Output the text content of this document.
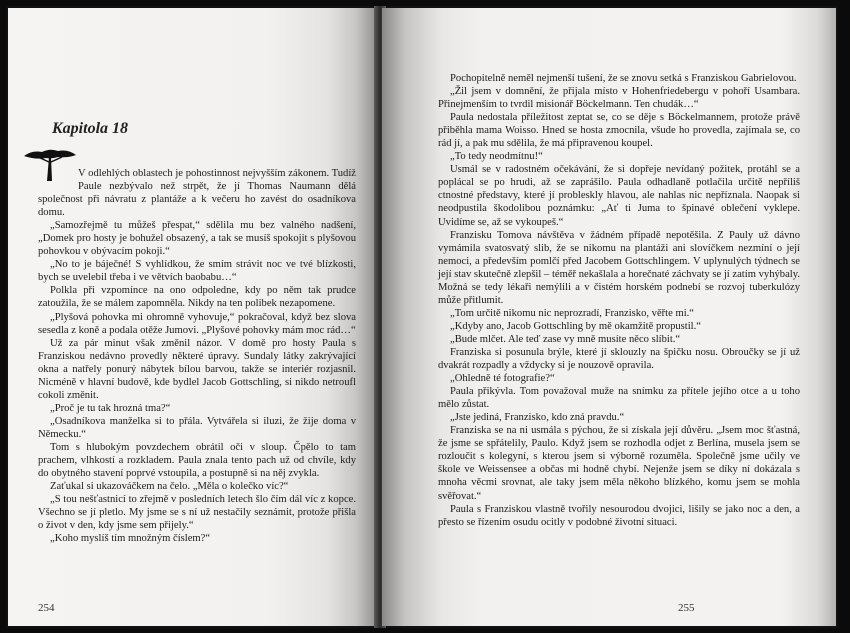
Kapitola 18

V odlehlých oblastech je pohostinnost nejvyšším zákonem. Tudíž Paule nezbývalo než strpět, že jí Thomas Naumann dělá společnost při návratu z plantáže a k večeru ho zavést do osadníkova domu.

„Samozřejmě tu můžeš přespat,“ sdělila mu bez valného nadšení, „Domek pro hosty je bohužel obsazený, a tak se musíš spokojit s plyšovou pohovkou v obývacím pokoji.“

„No to je báječné! S vyhlídkou, že smím strávit noc ve tvé blízkosti, bych se uvelebil třeba i ve větvích baobabu…“

Polkla při vzpomínce na ono odpoledne, kdy po něm tak prudce zatoužila, že se málem zapomněla. Nikdy na ten polibek nezapomene.

„Plyšová pohovka mi ohromně vyhovuje,“ pokračoval, když bez slova sesedla z koně a podala otěže Jumovi. „Plyšové pohovky mám moc rád…“

Už za pár minut však změnil názor. V domě pro hosty Paula s Franziskou nedávno provedly některé úpravy. Sundaly látky zakrývající okna a natřely ponurý nábytek bílou barvou, takže se interiér rozjasnil. Nicméně v hlavní budově, kde bydlel Jacob Gottschling, si nikdo netroufl cokoli změnit.

„Proč je tu tak hrozná tma?“

„Osadníkova manželka si to přála. Vytvářela si iluzi, že žije doma v Německu.“

Tom s hlubokým povzdechem obrátil oči v sloup. Čpělo to tam prachem, vlhkostí a rozkladem. Paula znala tento pach už od chvíle, kdy do obytného stavení poprvé vstoupila, a postupně si na něj zvykla.

Zaťukal si ukazováčkem na čelo. „Měla o kolečko víc?“

„S tou nešťastnicí to zřejmě v posledních letech šlo čím dál víc z kopce. Všechno se jí pletlo. My jsme se s ní už nestačily seznámit, protože přišla o život v den, kdy jsme sem přijely.“

„Koho myslíš tím množným číslem?“

254

Pochopitelně neměl nejmenší tušení, že se znovu setká s Franziskou Gabrielovou.

„Žil jsem v domnění, že přijala místo v Hohenfriedebergu v pohoří Usambara. Přinejmenším to tvrdil misionář Böckelmann. Ten chudák…“

Paula nedostala příležitost zeptat se, co se děje s Böckelmannem, protože právě přiběhla mama Woisso. Hned se hosta zmocnila, všude ho provedla, zajímala se, co rád jí, a pak mu sdělila, že má připravenou koupel.

„To tedy neodmítnu!“

Usmál se v radostném očekávání, že si dopřeje nevídaný požitek, protáhl se a poplácal se po hrudi, až se zaprášilo. Paula odhadlaně potlačila určitě nepříliš ctnostné představy, které jí probleskly hlavou, ale nahlas nic nepříznala. Naopak si neodpustila škodolibou poznámku: „Ať ti Juma to špinavé oblečení vyklepe. Uvidíme se, až se vykoupeš.“

Franzisku Tomova návštěva v žádném případě nepotěšila. Z Pauly už dávno vymámila svatosvatý slib, že se nikomu na plantáži ani slovíčkem nezmíní o její nemoci, a především pomlčí před Jacobem Gottschlingem. V uplynulých týdnech se její stav skutečně zlepšil – téměř nekašlala a horečnaté záchvaty se jí zatím vyhýbaly. Možná se tedy lékaři nemýlili a v čistém horském podnebí se rozvoj tuberkulózy může přitlumit.

„Tom určitě nikomu nic neprozradí, Franzisko, věřte mi.“

„Kdyby ano, Jacob Gottschling by mě okamžitě propustil.“

„Bude mlčet. Ale teď zase vy mně musíte něco slíbit.“

Franziska si posunula brýle, které jí sklouzly na špičku nosu. Obroučky se jí už dvakrát rozpadly a vždycky si je nouzově opravila.

„Ohledně té fotografie?“

Paula přikývla. Tom považoval muže na snímku za přítele jejího otce a u toho mělo zůstat.

„Jste jediná, Franzisko, kdo zná pravdu.“

Franziska se na ni usmála s pýchou, že si získala její důvěru. „Jsem moc šťastná, že jsme se spřátelily, Paulo. Když jsem se rozhodla odjet z Berlína, musela jsem se rozloučit s kolegyní, s kterou jsem si výborně rozuměla. Společně jsme učily ve škole ve Weissensee a občas mi hodně chybí. Nejenže jsem se díky ní dokázala s mnoha věcmi srovnat, ale taky jsem měla někoho blízkého, komu jsem se mohla svěřovat.“

Paula s Franziskou vlastně tvořily nesourodou dvojici, lišily se jako noc a den, a přesto se řízením osudu ocitly v podobné životní situaci.

255
